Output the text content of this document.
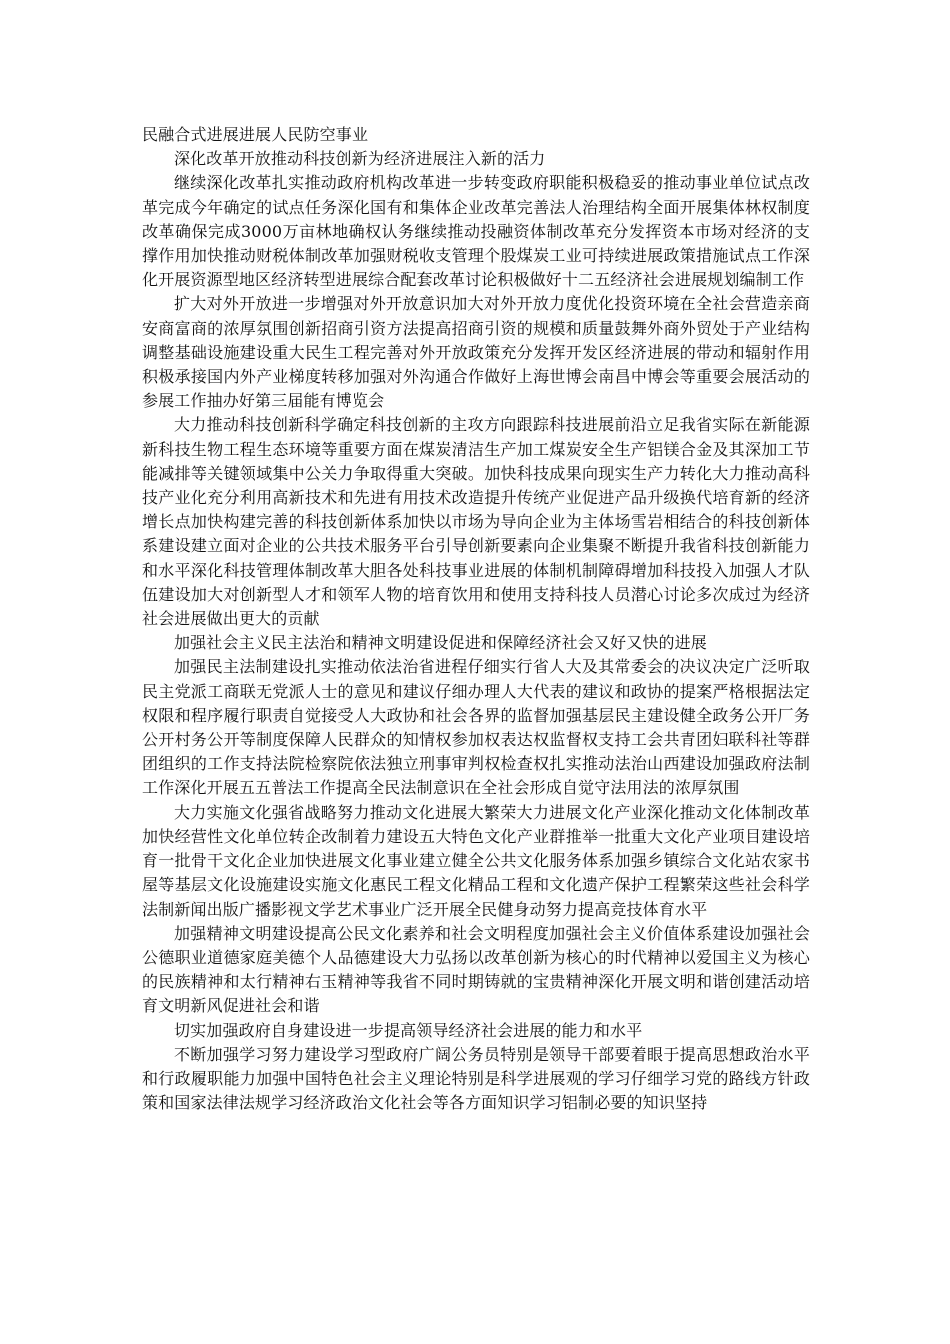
民融合式进展进展人民防空事业

深化改革开放推动科技创新为经济进展注入新的活力

继续深化改革扎实推动政府机构改革进一步转变政府职能积极稳妥的推动事业单位试点改革完成今年确定的试点任务深化国有和集体企业改革完善法人治理结构全面开展集体林权制度改革确保完成3000万亩林地确权认务继续推动投融资体制改革充分发挥资本市场对经济的支撑作用加快推动财税体制改革加强财税收支管理个股煤炭工业可持续进展政策措施试点工作深化开展资源型地区经济转型进展综合配套改革讨论积极做好十二五经济社会进展规划编制工作

扩大对外开放进一步增强对外开放意识加大对外开放力度优化投资环境在全社会营造亲商安商富商的浓厚氛围创新招商引资方法提高招商引资的规模和质量鼓舞外商外贸处于产业结构调整基础设施建设重大民生工程完善对外开放政策充分发挥开发区经济进展的带动和辐射作用积极承接国内外产业梯度转移加强对外沟通合作做好上海世博会南昌中博会等重要会展活动的参展工作抽办好第三届能有博览会

大力推动科技创新科学确定科技创新的主攻方向跟踪科技进展前沿立足我省实际在新能源新科技生物工程生态环境等重要方面在煤炭清洁生产加工煤炭安全生产铝镁合金及其深加工节能减排等关键领域集中公关力争取得重大突破。加快科技成果向现实生产力转化大力推动高科技产业化充分利用高新技术和先进有用技术改造提升传统产业促进产品升级换代培育新的经济增长点加快构建完善的科技创新体系加快以市场为导向企业为主体场雪岩相结合的科技创新体系建设建立面对企业的公共技术服务平台引导创新要素向企业集聚不断提升我省科技创新能力和水平深化科技管理体制改革大胆各处科技事业进展的体制机制障碍增加科技投入加强人才队伍建设加大对创新型人才和领军人物的培育饮用和使用支持科技人员潜心讨论多次成过为经济社会进展做出更大的贡献

加强社会主义民主法治和精神文明建设促进和保障经济社会又好又快的进展

加强民主法制建设扎实推动依法治省进程仔细实行省人大及其常委会的决议决定广泛听取民主党派工商联无党派人士的意见和建议仔细办理人大代表的建议和政协的提案严格根据法定权限和程序履行职责自觉接受人大政协和社会各界的监督加强基层民主建设健全政务公开厂务公开村务公开等制度保障人民群众的知情权参加权表达权监督权支持工会共青团妇联科社等群团组织的工作支持法院检察院依法独立刑事审判权检查权扎实推动法治山西建设加强政府法制工作深化开展五五普法工作提高全民法制意识在全社会形成自觉守法用法的浓厚氛围

大力实施文化强省战略努力推动文化进展大繁荣大力进展文化产业深化推动文化体制改革加快经营性文化单位转企改制着力建设五大特色文化产业群推举一批重大文化产业项目建设培育一批骨干文化企业加快进展文化事业建立健全公共文化服务体系加强乡镇综合文化站农家书屋等基层文化设施建设实施文化惠民工程文化精品工程和文化遗产保护工程繁荣这些社会科学法制新闻出版广播影视文学艺术事业广泛开展全民健身动努力提高竞技体育水平

加强精神文明建设提高公民文化素养和社会文明程度加强社会主义价值体系建设加强社会公德职业道德家庭美德个人品德建设大力弘扬以改革创新为核心的时代精神以爱国主义为核心的民族精神和太行精神右玉精神等我省不同时期铸就的宝贵精神深化开展文明和谐创建活动培育文明新风促进社会和谐

切实加强政府自身建设进一步提高领导经济社会进展的能力和水平

不断加强学习努力建设学习型政府广阔公务员特别是领导干部要着眼于提高思想政治水平和行政履职能力加强中国特色社会主义理论特别是科学进展观的学习仔细学习党的路线方针政策和国家法律法规学习经济政治文化社会等各方面知识学习铝制必要的知识坚持
